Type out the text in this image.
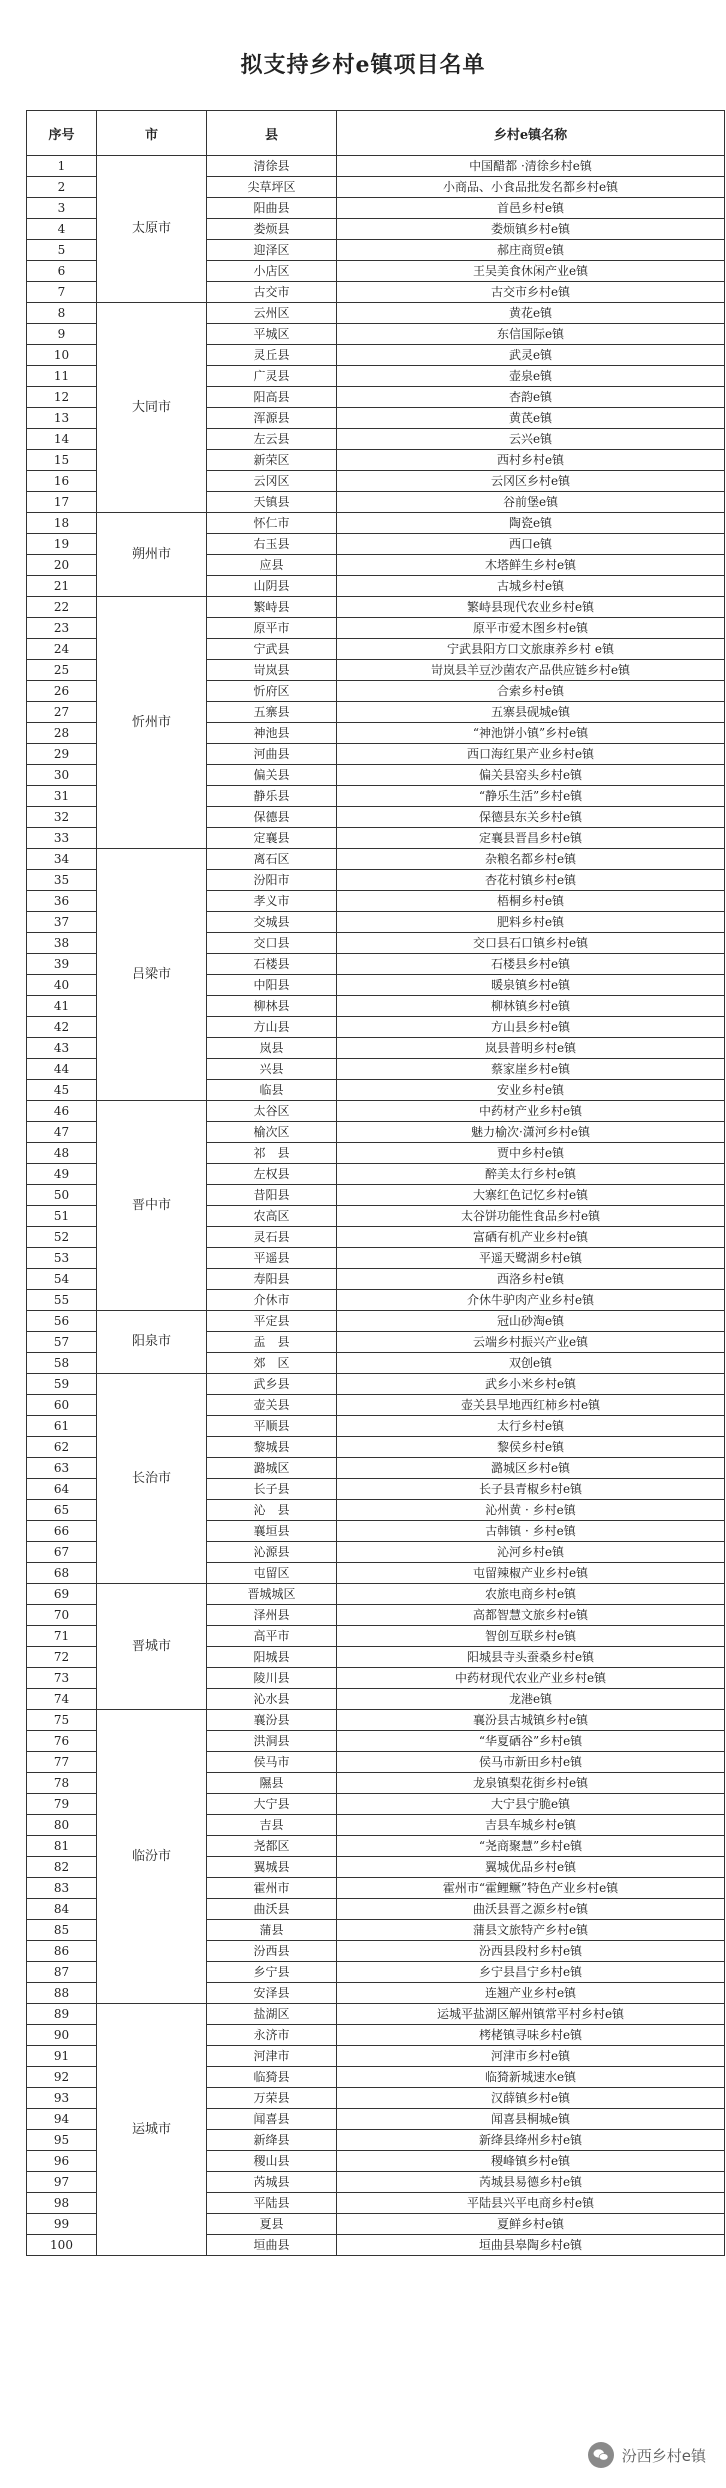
拟支持乡村e镇项目名单
序号	市	县	乡村e镇名称
1	太原市	清徐县	中国醋都 ·清徐乡村e镇
2		尖草坪区	小商品、小食品批发名都乡村e镇
3		阳曲县	首邑乡村e镇
4		娄烦县	娄烦镇乡村e镇
5		迎泽区	郝庄商贸e镇
6		小店区	王吴美食休闲产业e镇
7		古交市	古交市乡村e镇
8	大同市	云州区	黄花e镇
9		平城区	东信国际e镇
10		灵丘县	武灵e镇
11		广灵县	壶泉e镇
12		阳高县	杏韵e镇
13		浑源县	黄芪e镇
14		左云县	云兴e镇
15		新荣区	西村乡村e镇
16		云冈区	云冈区乡村e镇
17		天镇县	谷前堡e镇
18	朔州市	怀仁市	陶瓷e镇
19		右玉县	西口e镇
20		应县	木塔鲜生乡村e镇
21		山阴县	古城乡村e镇
22	忻州市	繁峙县	繁峙县现代农业乡村e镇
23		原平市	原平市爱木图乡村e镇
24		宁武县	宁武县阳方口文旅康养乡村 e镇
25		岢岚县	岢岚县羊豆沙菌农产品供应链乡村e镇
26		忻府区	合索乡村e镇
27		五寨县	五寨县砚城e镇
28		神池县	“神池饼小镇”乡村e镇
29		河曲县	西口海红果产业乡村e镇
30		偏关县	偏关县窑头乡村e镇
31		静乐县	“静乐生活”乡村e镇
32		保德县	保德县东关乡村e镇
33		定襄县	定襄县晋昌乡村e镇
34	吕梁市	离石区	杂粮名都乡村e镇
35		汾阳市	杏花村镇乡村e镇
36		孝义市	梧桐乡村e镇
37		交城县	肥料乡村e镇
38		交口县	交口县石口镇乡村e镇
39		石楼县	石楼县乡村e镇
40		中阳县	暖泉镇乡村e镇
41		柳林县	柳林镇乡村e镇
42		方山县	方山县乡村e镇
43		岚县	岚县普明乡村e镇
44		兴县	蔡家崖乡村e镇
45		临县	安业乡村e镇
46	晋中市	太谷区	中药材产业乡村e镇
47		榆次区	魅力榆次·潇河乡村e镇
48		祁　县	贾中乡村e镇
49		左权县	醉美太行乡村e镇
50		昔阳县	大寨红色记忆乡村e镇
51		农高区	太谷饼功能性食品乡村e镇
52		灵石县	富硒有机产业乡村e镇
53		平遥县	平遥天鹭湖乡村e镇
54		寿阳县	西洛乡村e镇
55		介休市	介休牛驴肉产业乡村e镇
56	阳泉市	平定县	冠山砂淘e镇
57		盂　县	云端乡村振兴产业e镇
58		郊　区	双创e镇
59	长治市	武乡县	武乡小米乡村e镇
60		壶关县	壶关县旱地西红柿乡村e镇
61		平顺县	太行乡村e镇
62		黎城县	黎侯乡村e镇
63		潞城区	潞城区乡村e镇
64		长子县	长子县青椒乡村e镇
65		沁　县	沁州黄 · 乡村e镇
66		襄垣县	古韩镇 · 乡村e镇
67		沁源县	沁河乡村e镇
68		屯留区	屯留辣椒产业乡村e镇
69	晋城市	晋城城区	农旅电商乡村e镇
70		泽州县	高都智慧文旅乡村e镇
71		高平市	智创互联乡村e镇
72		阳城县	阳城县寺头蚕桑乡村e镇
73		陵川县	中药材现代农业产业乡村e镇
74		沁水县	龙港e镇
75	临汾市	襄汾县	襄汾县古城镇乡村e镇
76		洪洞县	“华夏硒谷”乡村e镇
77		侯马市	侯马市新田乡村e镇
78		隰县	龙泉镇梨花街乡村e镇
79		大宁县	大宁县宁脆e镇
80		吉县	吉县车城乡村e镇
81		尧都区	“尧商聚慧”乡村e镇
82		翼城县	翼城优品乡村e镇
83		霍州市	霍州市“霍鲤鳜”特色产业乡村e镇
84		曲沃县	曲沃县晋之源乡村e镇
85		蒲县	蒲县文旅特产乡村e镇
86		汾西县	汾西县段村乡村e镇
87		乡宁县	乡宁县昌宁乡村e镇
88		安泽县	连翘产业乡村e镇
89	运城市	盐湖区	运城平盐湖区解州镇常平村乡村e镇
90		永济市	栲栳镇寻味乡村e镇
91		河津市	河津市乡村e镇
92		临猗县	临猗新城速水e镇
93		万荣县	汉薛镇乡村e镇
94		闻喜县	闻喜县桐城e镇
95		新绛县	新绛县绛州乡村e镇
96		稷山县	稷峰镇乡村e镇
97		芮城县	芮城县易德乡村e镇
98		平陆县	平陆县兴平电商乡村e镇
99		夏县	夏鲜乡村e镇
100		垣曲县	垣曲县皋陶乡村e镇
汾西乡村e镇
